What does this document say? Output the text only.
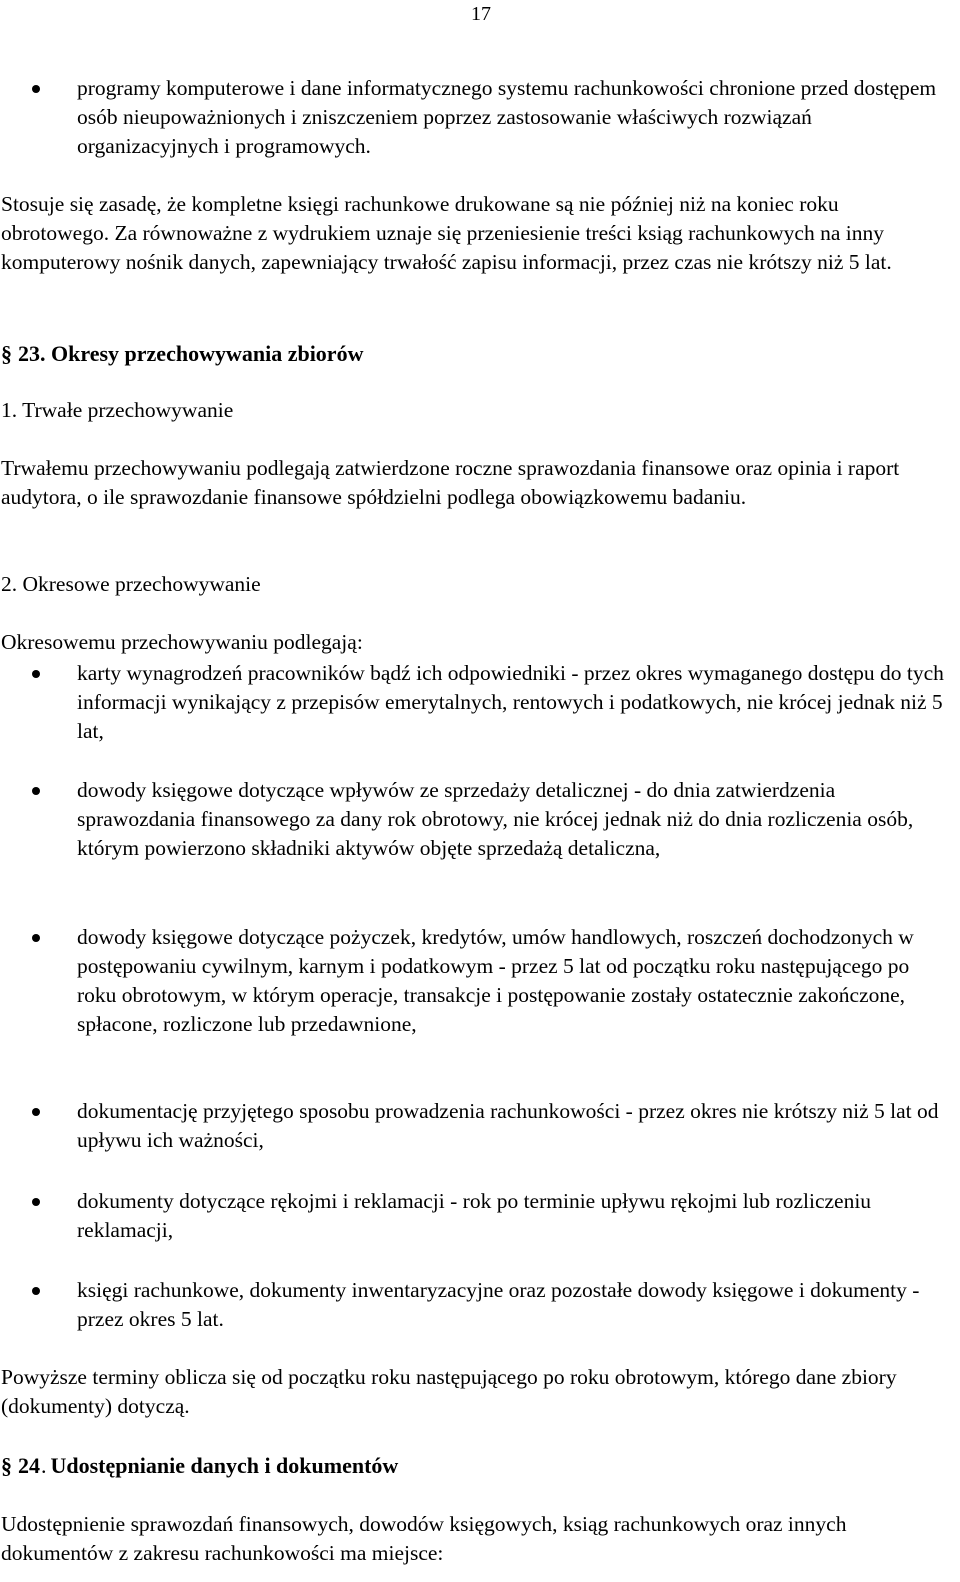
17

programy komputerowe i dane informatycznego systemu rachunkowości chronione przed dostępem osób nieupoważnionych i zniszczeniem poprzez zastosowanie właściwych rozwiązań organizacyjnych i programowych.

Stosuje się zasadę, że kompletne księgi rachunkowe drukowane są nie później niż na koniec roku obrotowego. Za równoważne z wydrukiem uznaje się przeniesienie treści ksiąg rachunkowych na inny komputerowy nośnik danych, zapewniający trwałość zapisu informacji, przez czas nie krótszy niż 5 lat.

§ 23. Okresy przechowywania zbiorów

1. Trwałe przechowywanie

Trwałemu przechowywaniu podlegają zatwierdzone roczne sprawozdania finansowe oraz opinia i raport audytora, o ile sprawozdanie finansowe spółdzielni podlega obowiązkowemu badaniu.

2. Okresowe przechowywanie

Okresowemu przechowywaniu podlegają:

karty wynagrodzeń pracowników bądź ich odpowiedniki - przez okres wymaganego dostępu do tych informacji wynikający z przepisów emerytalnych, rentowych i podatkowych, nie krócej jednak niż 5 lat,

dowody księgowe dotyczące wpływów ze sprzedaży detalicznej - do dnia zatwierdzenia sprawozdania finansowego za dany rok obrotowy, nie krócej jednak niż do dnia rozliczenia osób, którym powierzono składniki aktywów objęte sprzedażą detaliczna,

dowody księgowe dotyczące pożyczek, kredytów, umów handlowych, roszczeń dochodzonych w postępowaniu cywilnym, karnym i podatkowym - przez 5 lat od początku roku następującego po roku obrotowym, w którym operacje, transakcje i postępowanie zostały ostatecznie zakończone, spłacone, rozliczone lub przedawnione,

dokumentację przyjętego sposobu prowadzenia rachunkowości - przez okres nie krótszy niż 5 lat od upływu ich ważności,

dokumenty dotyczące rękojmi i reklamacji - rok po terminie upływu rękojmi lub rozliczeniu reklamacji,

księgi rachunkowe, dokumenty inwentaryzacyjne oraz pozostałe dowody księgowe i dokumenty - przez okres 5 lat.

Powyższe terminy oblicza się od początku roku następującego po roku obrotowym, którego dane zbiory (dokumenty) dotyczą.

§ 24. Udostępnianie danych i dokumentów

Udostępnienie sprawozdań finansowych, dowodów księgowych, ksiąg rachunkowych oraz innych dokumentów z zakresu rachunkowości ma miejsce:
